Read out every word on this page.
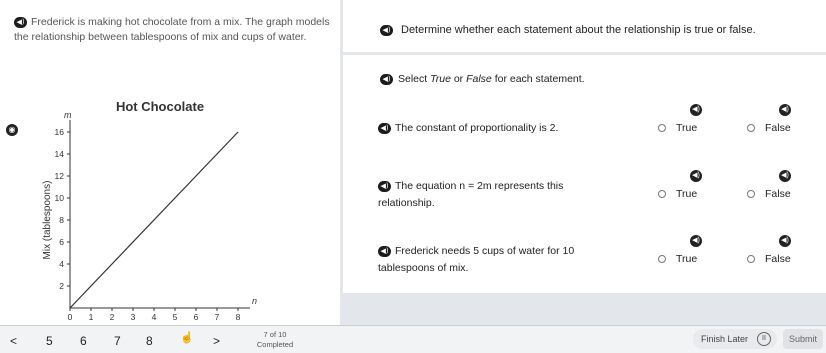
◀) Frederick is making hot chocolate from a mix. The graph models the relationship between tablespoons of mix and cups of water.
◀) Determine whether each statement about the relationship is true or false.
◀) Select True or False for each statement.
Hot Chocolate
m
n
Mix (tablespoons)
0 1 2 3 4 5 6 7 8
2
4
6
8
10
12
14
16
◉	◀) The constant of proportionality is 2.
◀)	◀)
True	False
◀) The equation n = 2m represents this relationship.
◀)	◀)
True	False
◀) Frederick needs 5 cups of water for 10 tablespoons of mix.
◀)	◀)
True	False
< 5 6 7 8 ☝ >	7 of 10
Completed
Finish Later	II	Submit
